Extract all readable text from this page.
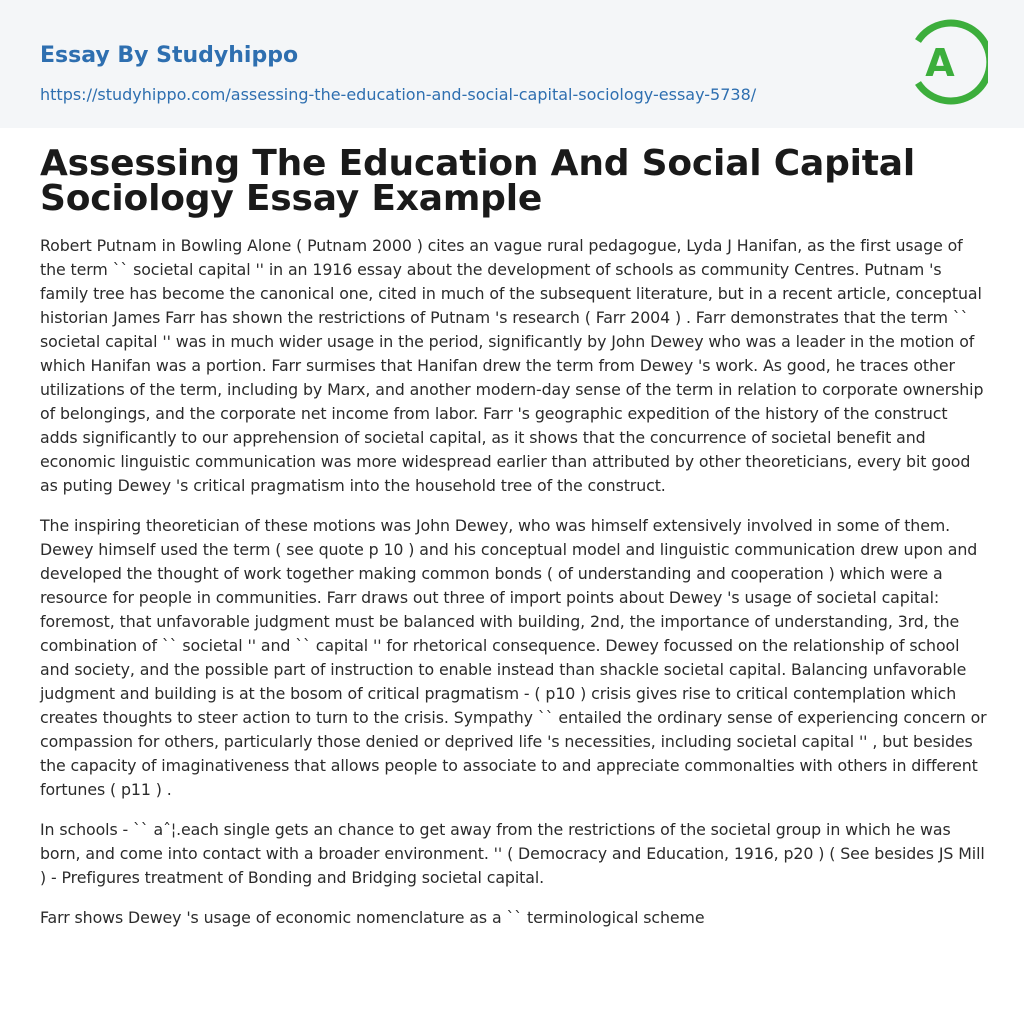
Essay By Studyhippo
https://studyhippo.com/assessing-the-education-and-social-capital-sociology-essay-5738/
A
Assessing The Education And Social Capital Sociology Essay Example

Robert Putnam in Bowling Alone ( Putnam 2000 ) cites an vague rural pedagogue, Lyda J Hanifan, as the first usage of the term `` societal capital '' in an 1916 essay about the development of schools as community Centres. Putnam 's family tree has become the canonical one, cited in much of the subsequent literature, but in a recent article, conceptual historian James Farr has shown the restrictions of Putnam 's research ( Farr 2004 ) . Farr demonstrates that the term `` societal capital '' was in much wider usage in the period, significantly by John Dewey who was a leader in the motion of which Hanifan was a portion. Farr surmises that Hanifan drew the term from Dewey 's work. As good, he traces other utilizations of the term, including by Marx, and another modern-day sense of the term in relation to corporate ownership of belongings, and the corporate net income from labor. Farr 's geographic expedition of the history of the construct adds significantly to our apprehension of societal capital, as it shows that the concurrence of societal benefit and economic linguistic communication was more widespread earlier than attributed by other theoreticians, every bit good as puting Dewey 's critical pragmatism into the household tree of the construct.

The inspiring theoretician of these motions was John Dewey, who was himself extensively involved in some of them. Dewey himself used the term ( see quote p 10 ) and his conceptual model and linguistic communication drew upon and developed the thought of work together making common bonds ( of understanding and cooperation ) which were a resource for people in communities. Farr draws out three of import points about Dewey 's usage of societal capital: foremost, that unfavorable judgment must be balanced with building, 2nd, the importance of understanding, 3rd, the combination of `` societal '' and `` capital '' for rhetorical consequence. Dewey focussed on the relationship of school and society, and the possible part of instruction to enable instead than shackle societal capital. Balancing unfavorable judgment and building is at the bosom of critical pragmatism - ( p10 ) crisis gives rise to critical contemplation which creates thoughts to steer action to turn to the crisis. Sympathy `` entailed the ordinary sense of experiencing concern or compassion for others, particularly those denied or deprived life 's necessities, including societal capital '' , but besides the capacity of imaginativeness that allows people to associate to and appreciate commonalties with others in different fortunes ( p11 ) .

In schools - `` aˆ¦.each single gets an chance to get away from the restrictions of the societal group in which he was born, and come into contact with a broader environment. '' ( Democracy and Education, 1916, p20 ) ( See besides JS Mill ) - Prefigures treatment of Bonding and Bridging societal capital.

Farr shows Dewey 's usage of economic nomenclature as a `` terminological scheme
